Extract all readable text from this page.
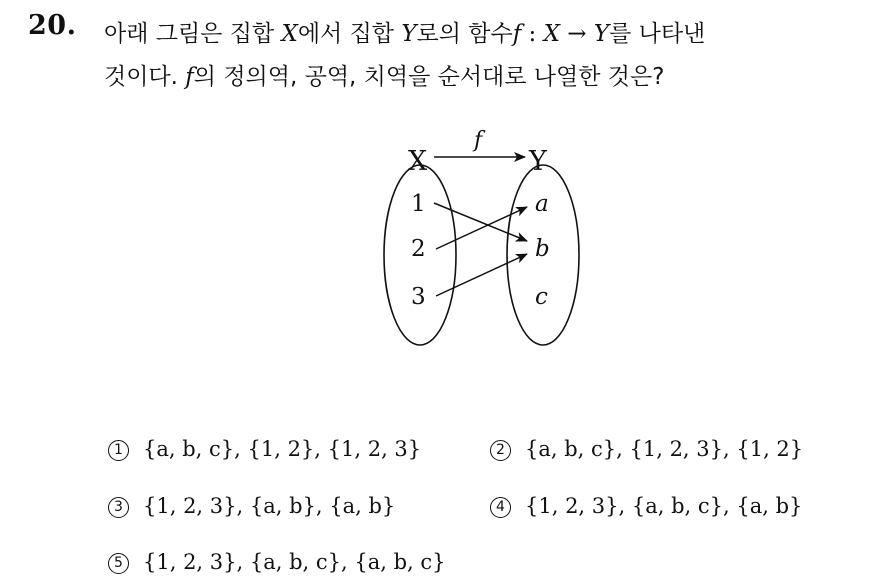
20. 아래 그림은 집합 X에서 집합 Y로의 함수f : X → Y를 나타낸
것이다. f의 정의역, 공역, 치역을 순서대로 나열한 것은?
X	Y
f
1
2
3
a
b
c
1 {a, b, c}, {1, 2}, {1, 2, 3}	2 {a, b, c}, {1, 2, 3}, {1, 2}
3 {1, 2, 3}, {a, b}, {a, b}	4 {1, 2, 3}, {a, b, c}, {a, b}
5 {1, 2, 3}, {a, b, c}, {a, b, c}
